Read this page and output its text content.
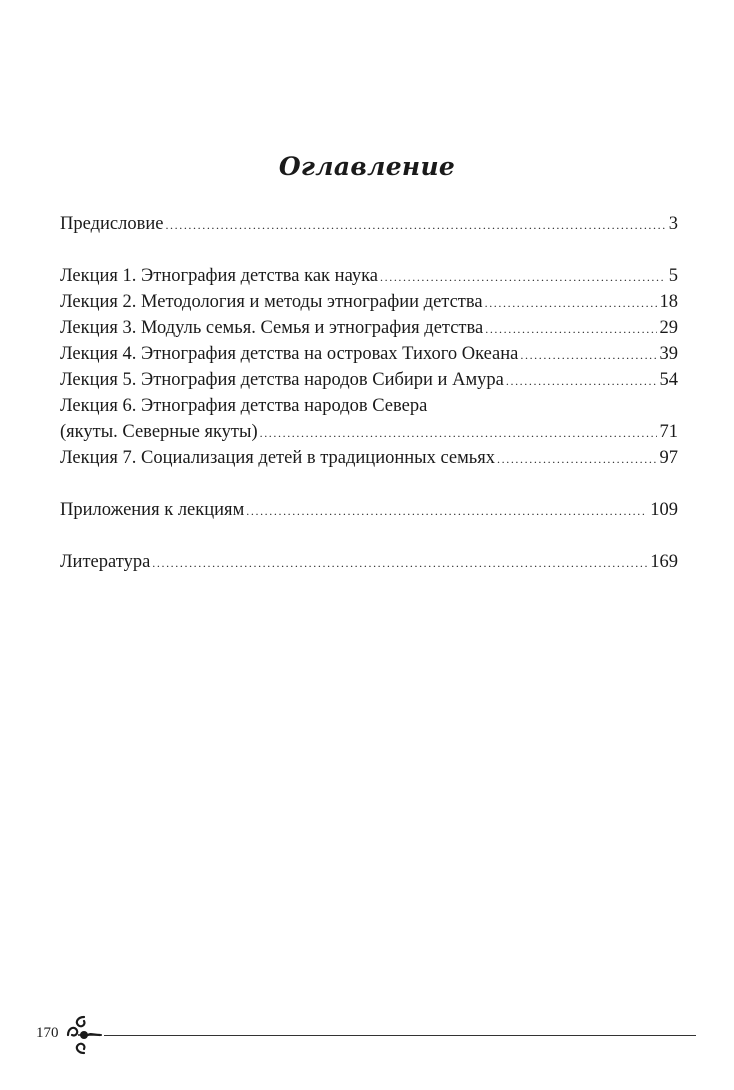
Оглавление
Предисловие .....	3
Лекция 1. Этнография детства как наука .....	5
Лекция 2. Методология и методы этнографии детства .....	18
Лекция 3. Модуль семья. Семья и этнография детства .....	29
Лекция 4. Этнография детства на островах Тихого Океана .....	39
Лекция 5. Этнография детства народов Сибири и Амура .....	54
Лекция 6. Этнография детства народов Севера
(якуты. Северные якуты) .....	71
Лекция 7. Социализация детей в традиционных семьях .....	97
Приложения к лекциям .....	109
Литература .....	169
170
